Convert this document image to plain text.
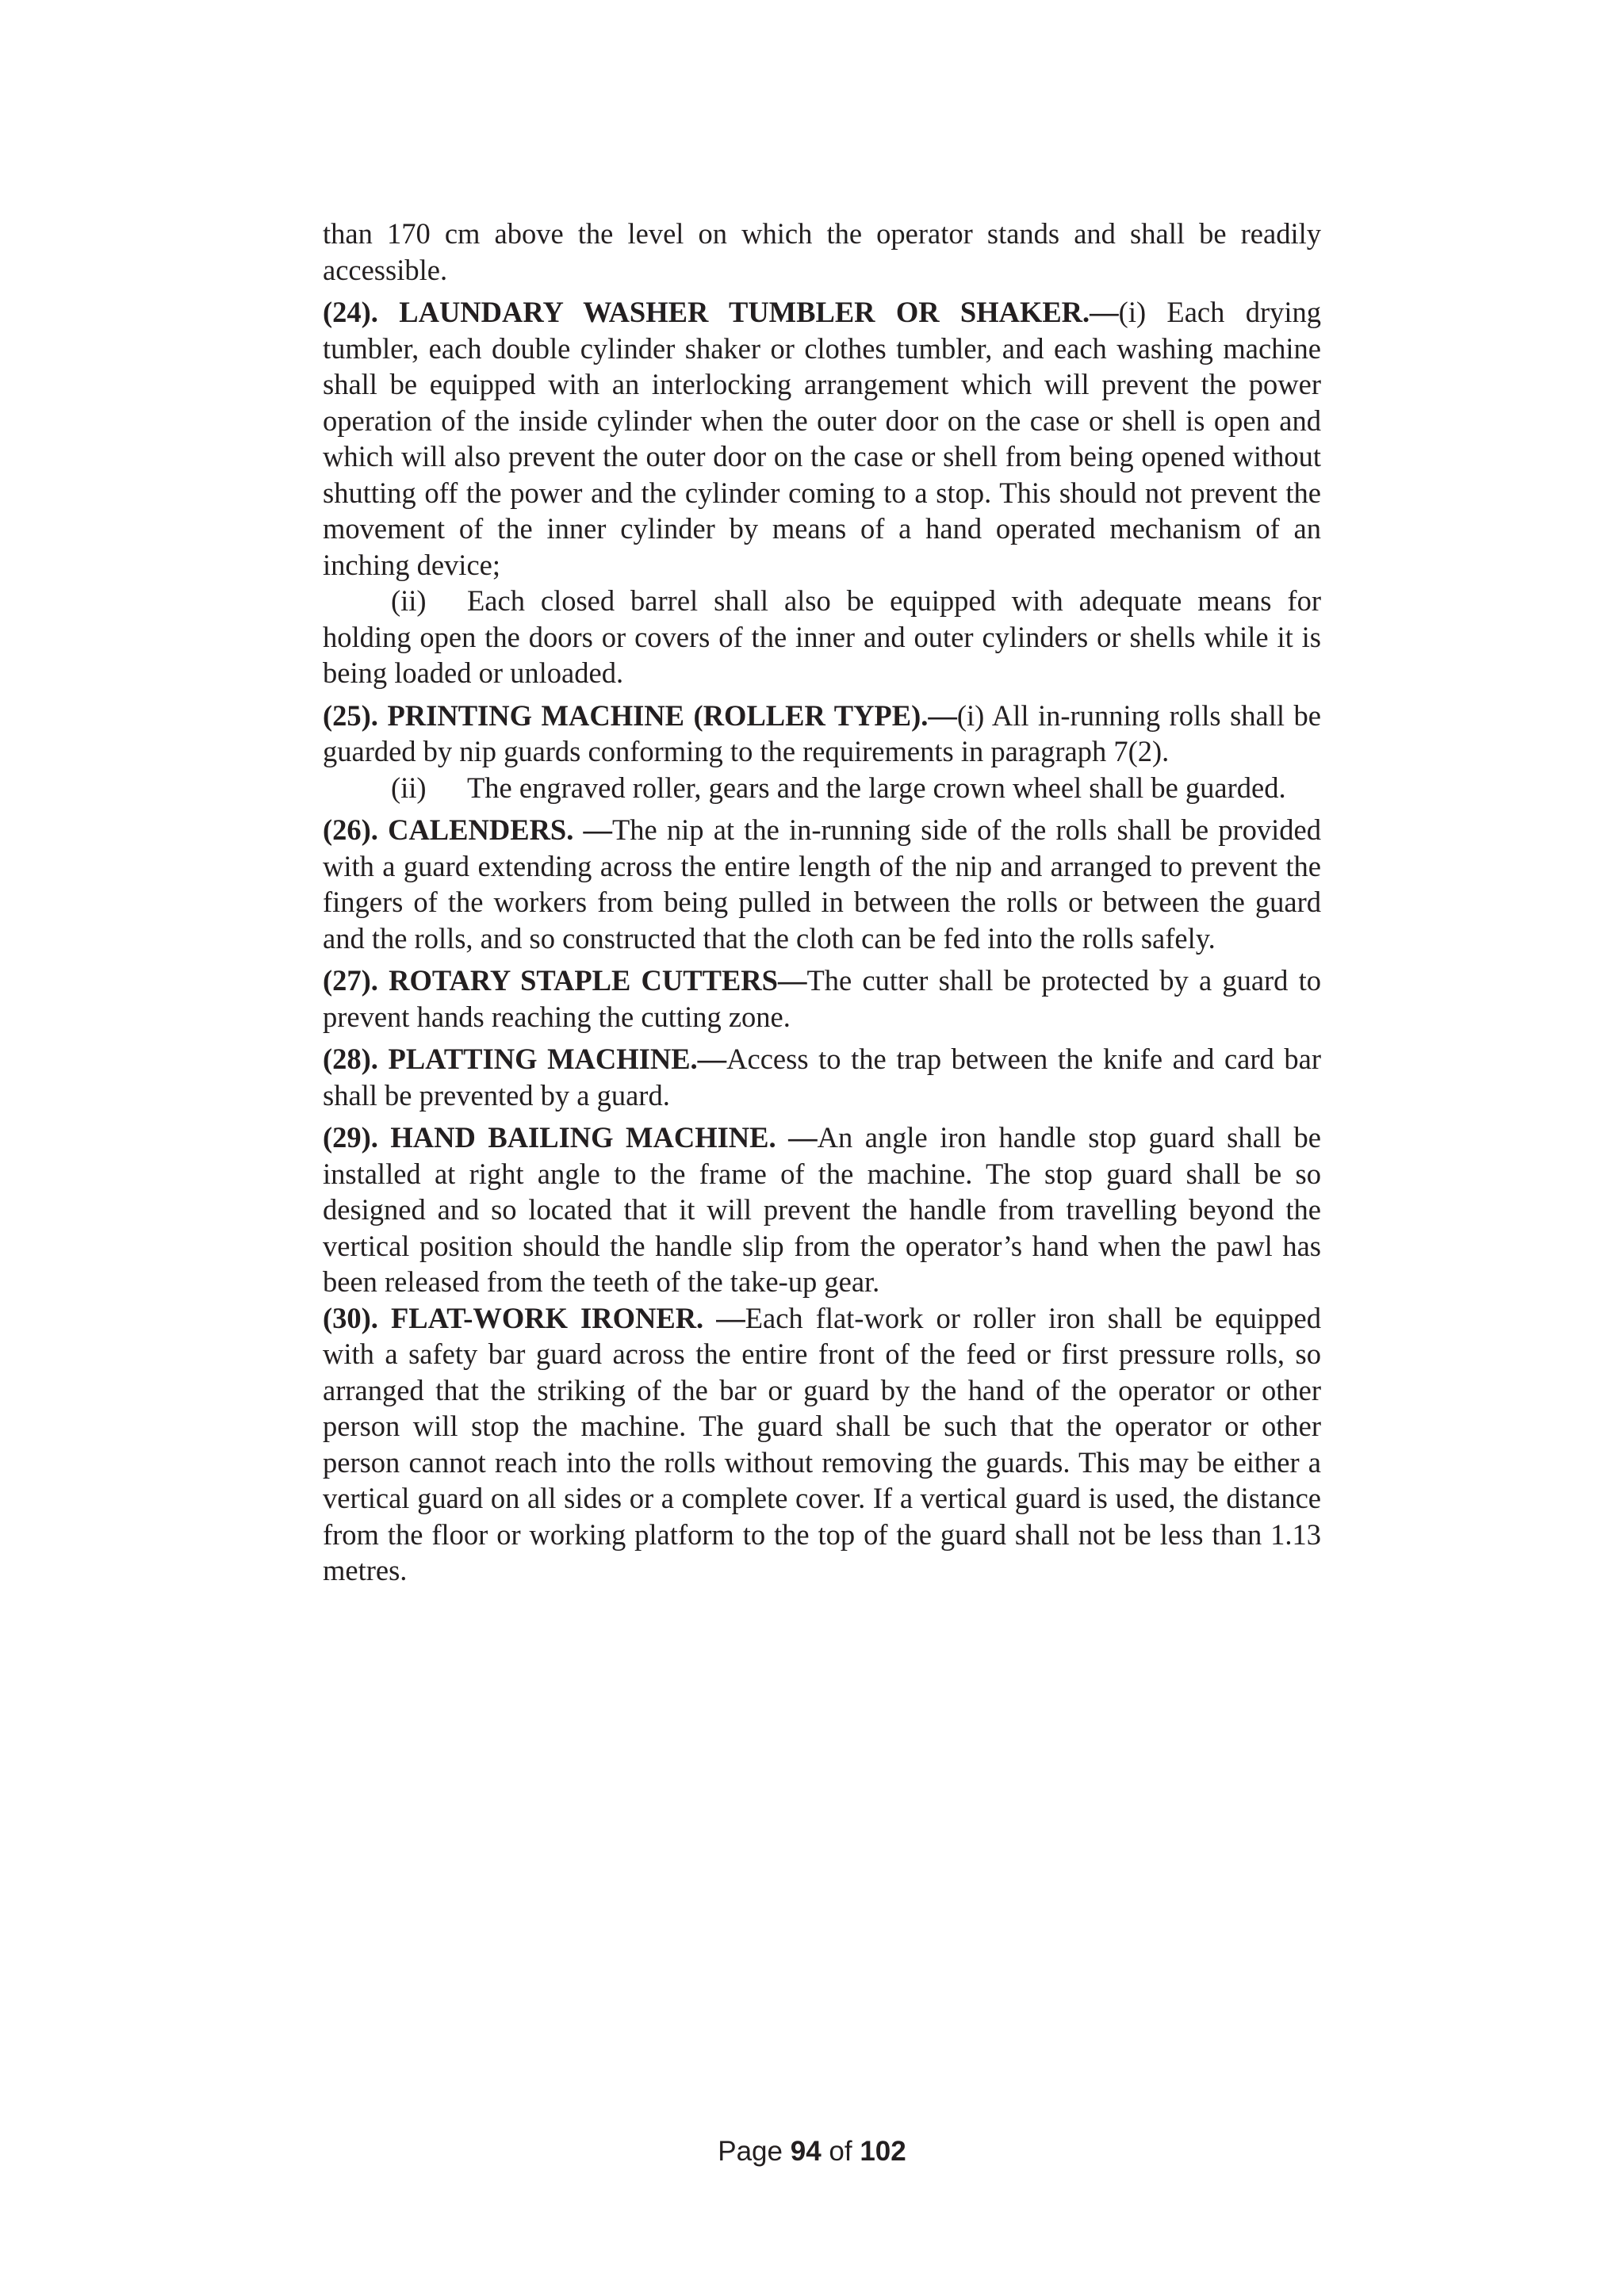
than 170 cm above the level on which the operator stands and shall be readily accessible.

(24). LAUNDARY WASHER TUMBLER OR SHAKER.—(i) Each drying tumbler, each double cylinder shaker or clothes tumbler, and each washing machine shall be equipped with an interlocking arrangement which will prevent the power operation of the inside cylinder when the outer door on the case or shell is open and which will also prevent the outer door on the case or shell from being opened without shutting off the power and the cylinder coming to a stop. This should not prevent the movement of the inner cylinder by means of a hand operated mechanism of an inching device;

(ii) Each closed barrel shall also be equipped with adequate means for holding open the doors or covers of the inner and outer cylinders or shells while it is being loaded or unloaded.

(25). PRINTING MACHINE (ROLLER TYPE).—(i) All in-running rolls shall be guarded by nip guards conforming to the requirements in paragraph 7(2).

(ii) The engraved roller, gears and the large crown wheel shall be guarded.

(26). CALENDERS. —The nip at the in-running side of the rolls shall be provided with a guard extending across the entire length of the nip and arranged to prevent the fingers of the workers from being pulled in between the rolls or between the guard and the rolls, and so constructed that the cloth can be fed into the rolls safely.

(27). ROTARY STAPLE CUTTERS—The cutter shall be protected by a guard to prevent hands reaching the cutting zone.

(28). PLATTING MACHINE.—Access to the trap between the knife and card bar shall be prevented by a guard.

(29). HAND BAILING MACHINE. —An angle iron handle stop guard shall be installed at right angle to the frame of the machine. The stop guard shall be so designed and so located that it will prevent the handle from travelling beyond the vertical position should the handle slip from the operator’s hand when the pawl has been released from the teeth of the take-up gear.

(30). FLAT-WORK IRONER. —Each flat-work or roller iron shall be equipped with a safety bar guard across the entire front of the feed or first pressure rolls, so arranged that the striking of the bar or guard by the hand of the operator or other person will stop the machine. The guard shall be such that the operator or other person cannot reach into the rolls without removing the guards. This may be either a vertical guard on all sides or a complete cover. If a vertical guard is used, the distance from the floor or working platform to the top of the guard shall not be less than 1.13 metres.

Page 94 of 102
